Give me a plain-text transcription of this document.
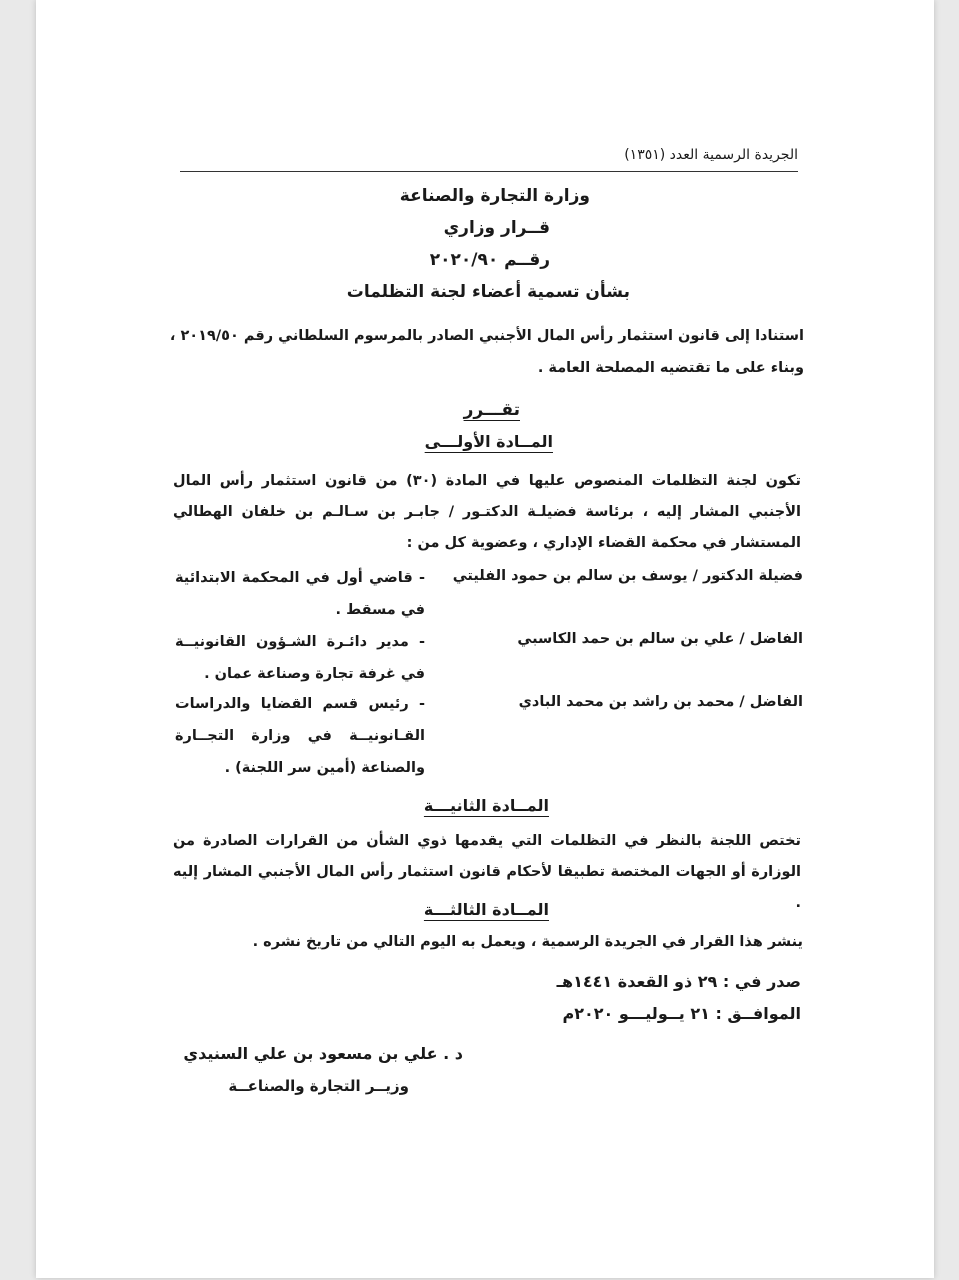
الجريدة الرسمية العدد (١٣٥١)
وزارة التجارة والصناعة
قــرار وزاري
رقــم ٢٠٢٠/٩٠
بشأن تسمية أعضاء لجنة التظلمات
استنادا إلى قانون استثمار رأس المال الأجنبي الصادر بالمرسوم السلطاني رقم ٢٠١٩/٥٠ ،
وبناء على ما تقتضيه المصلحة العامة .
تقـــرر
المــادة الأولـــى
تكون لجنة التظلمات المنصوص عليها في المادة (٣٠) من قانون استثمار رأس المال الأجنبي المشار إليه ، برئاسة فضيلـة الدكتـور / جابـر بن سـالـم بن خلفان الهطالي المستشار في محكمة القضاء الإداري ، وعضوية كل من :
فضيلة الدكتور / يوسف بن سالم بن حمود الفليتي
- قاضي أول في المحكمة الابتدائية في مسقط .
الفاضل / علي بن سالم بن حمد الكاسبي
- مدير دائـرة الشـؤون القانونيــة في غرفة تجارة وصناعة عمان .
الفاضل / محمد بن راشد بن محمد البادي
- رئيس قسم القضايا والدراسات القـانونيــة في وزارة التجــارة والصناعة (أمين سر اللجنة) .
المــادة الثانيـــة
تختص اللجنة بالنظر في التظلمات التي يقدمها ذوي الشأن من القرارات الصادرة من الوزارة أو الجهات المختصة تطبيقا لأحكام قانون استثمار رأس المال الأجنبي المشار إليه .
المــادة الثالثـــة
ينشر هذا القرار في الجريدة الرسمية ، ويعمل به اليوم التالي من تاريخ نشره .
صدر في : ٢٩ ذو القعدة ١٤٤١هـ
الموافــق : ٢١ يــوليـــو ٢٠٢٠م
د . علي بن مسعود بن علي السنيدي
وزيــر التجارة والصناعــة
